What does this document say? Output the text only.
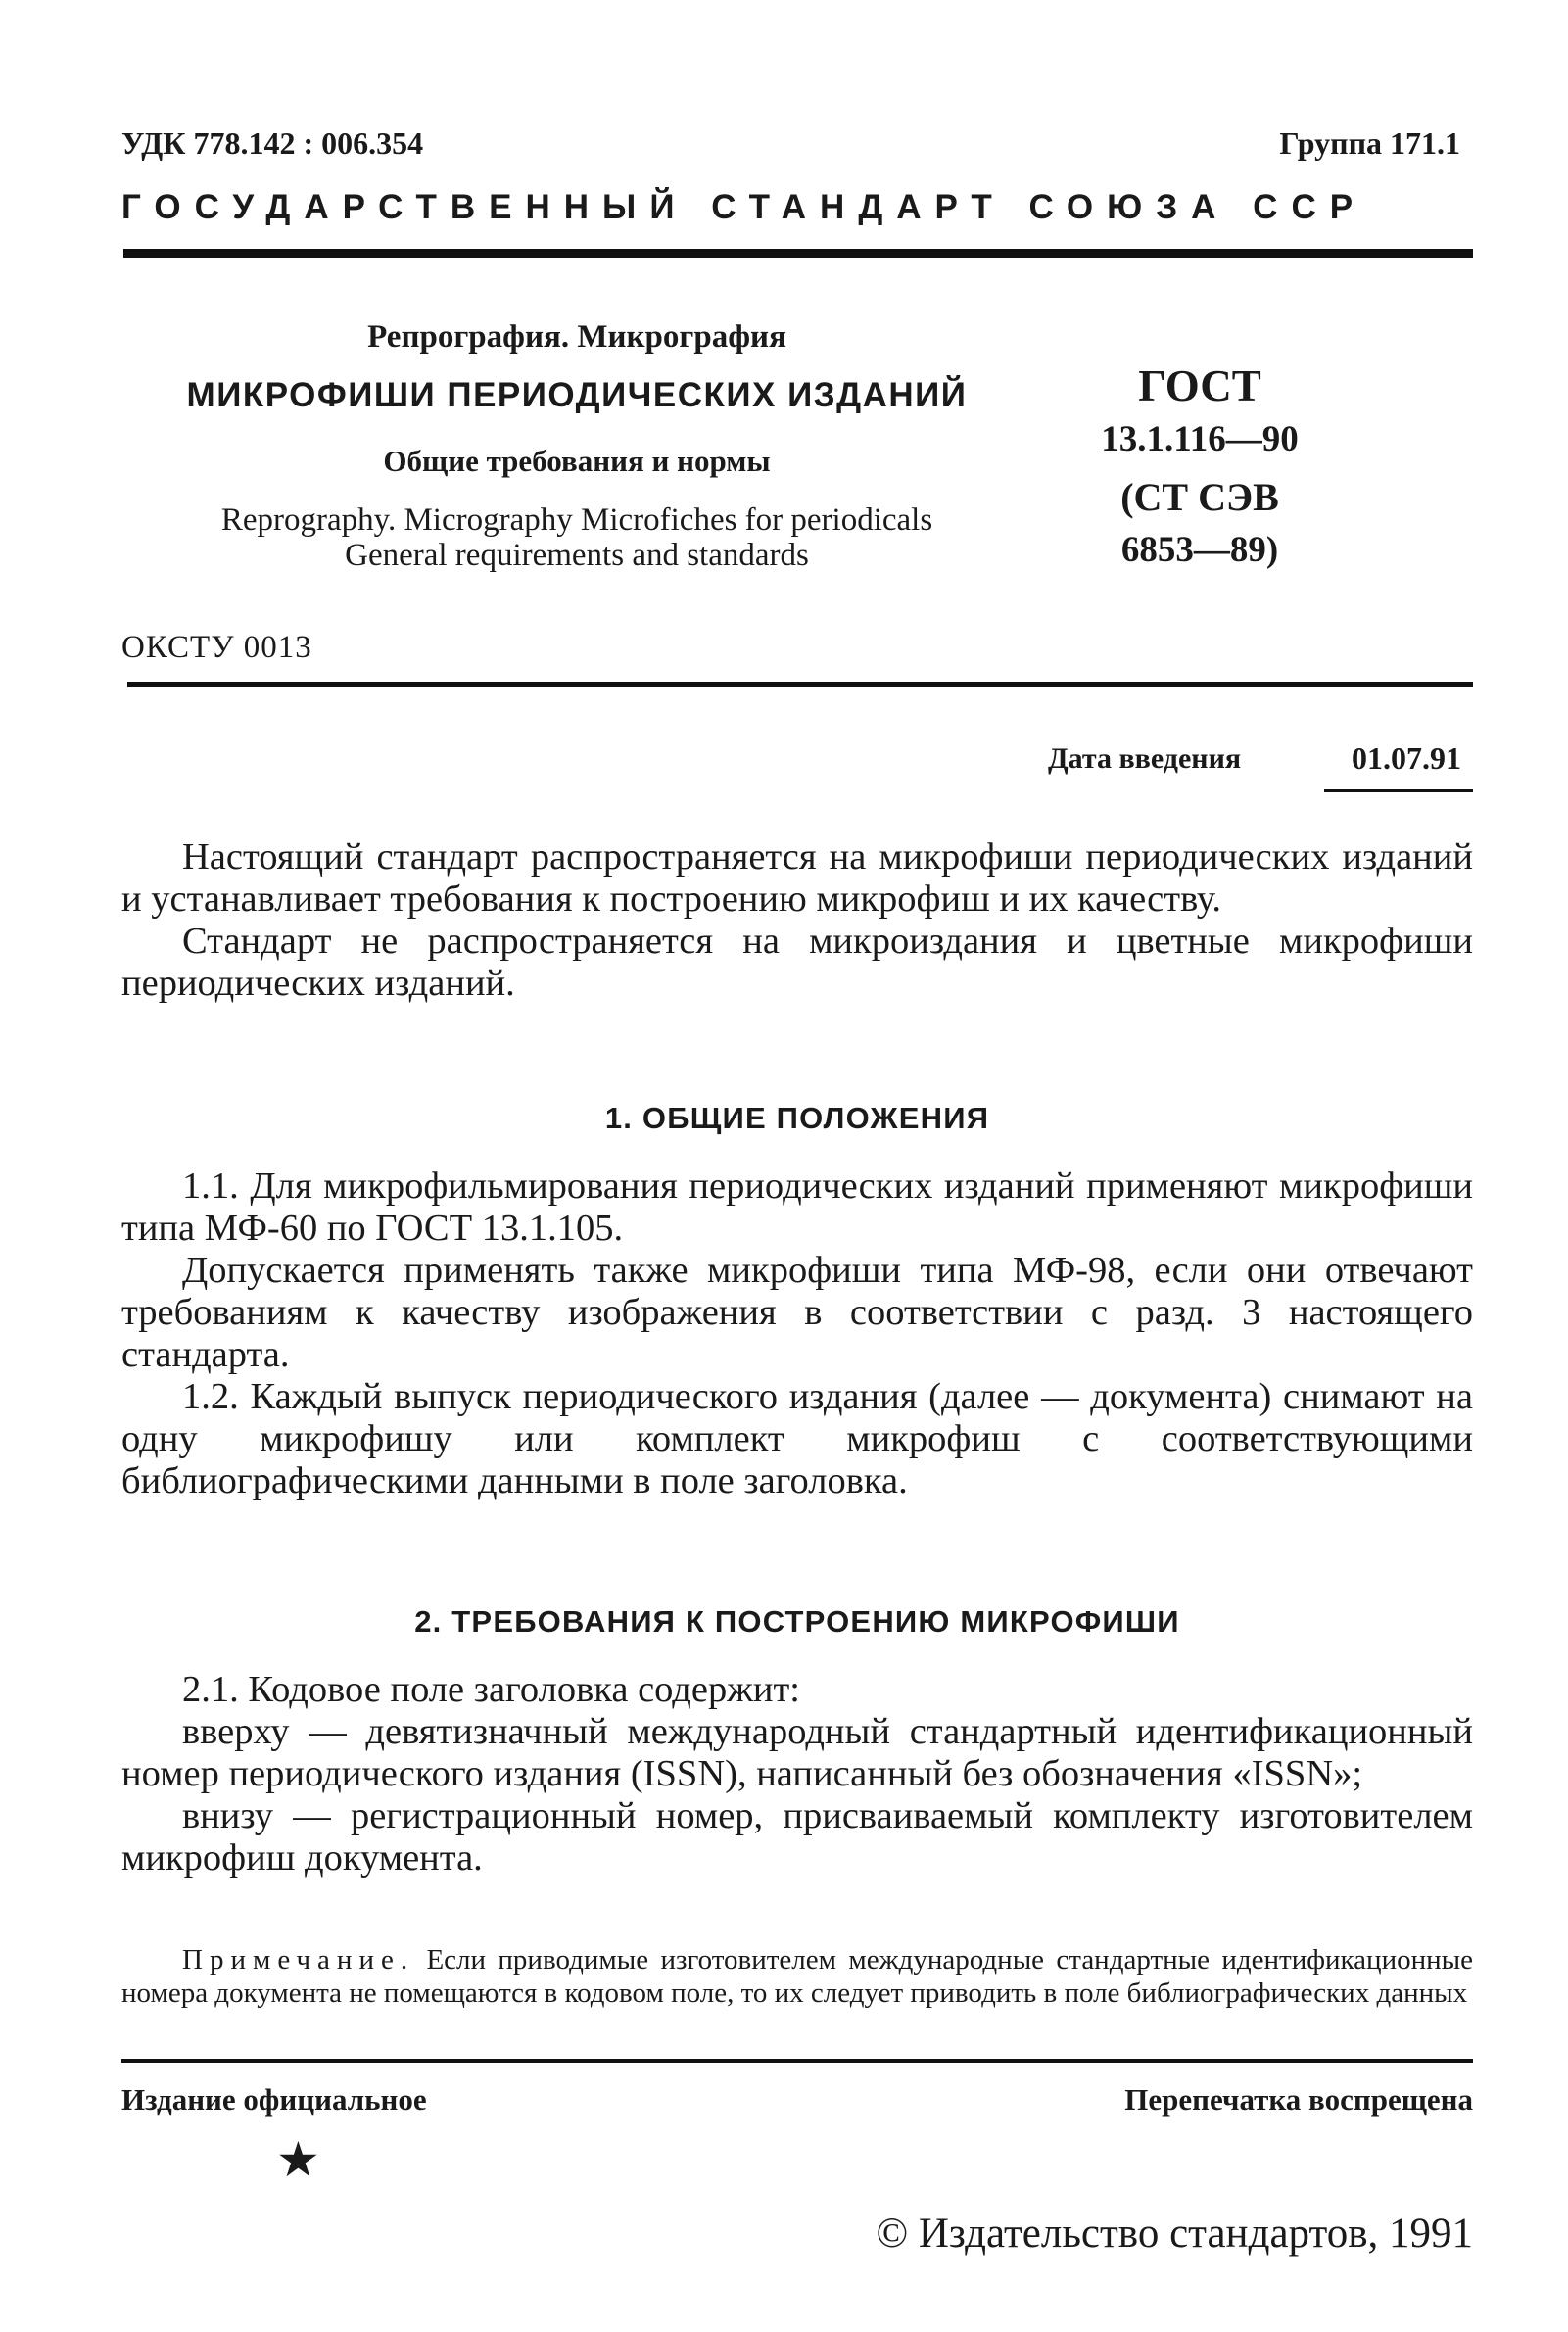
УДК 778.142 : 006.354	Группа 171.1
ГОСУДАРСТВЕННЫЙ СТАНДАРТ СОЮЗА ССР
Репрография. Микрография
МИКРОФИШИ ПЕРИОДИЧЕСКИХ ИЗДАНИЙ
Общие требования и нормы
Reprography. Micrography Microfiches for periodicals
General requirements and standards
ГОСТ
13.1.116—90
(СТ СЭВ
6853—89)
ОКСТУ 0013
Дата введения	01.07.91

Настоящий стандарт распространяется на микрофиши периодических изданий и устанавливает требования к построению микрофиш и их качеству.

Стандарт не распространяется на микроиздания и цветные микрофиши периодических изданий.

1. ОБЩИЕ ПОЛОЖЕНИЯ

1.1. Для микрофильмирования периодических изданий применяют микрофиши типа МФ-60 по ГОСТ 13.1.105.

Допускается применять также микрофиши типа МФ-98, если они отвечают требованиям к качеству изображения в соответствии с разд. 3 настоящего стандарта.

1.2. Каждый выпуск периодического издания (далее — документа) снимают на одну микрофишу или комплект микрофиш с соответствующими библиографическими данными в поле заголовка.

2. ТРЕБОВАНИЯ К ПОСТРОЕНИЮ МИКРОФИШИ

2.1. Кодовое поле заголовка содержит:

вверху — девятизначный международный стандартный идентификационный номер периодического издания (ISSN), написанный без обозначения «ISSN»;

внизу — регистрационный номер, присваиваемый комплекту изготовителем микрофиш документа.

Примечание. Если приводимые изготовителем международные стандартные идентификационные номера документа не помещаются в кодовом поле, то их следует приводить в поле библиографических данных
Издание официальное	Перепечатка воспрещена
★
© Издательство стандартов, 1991
